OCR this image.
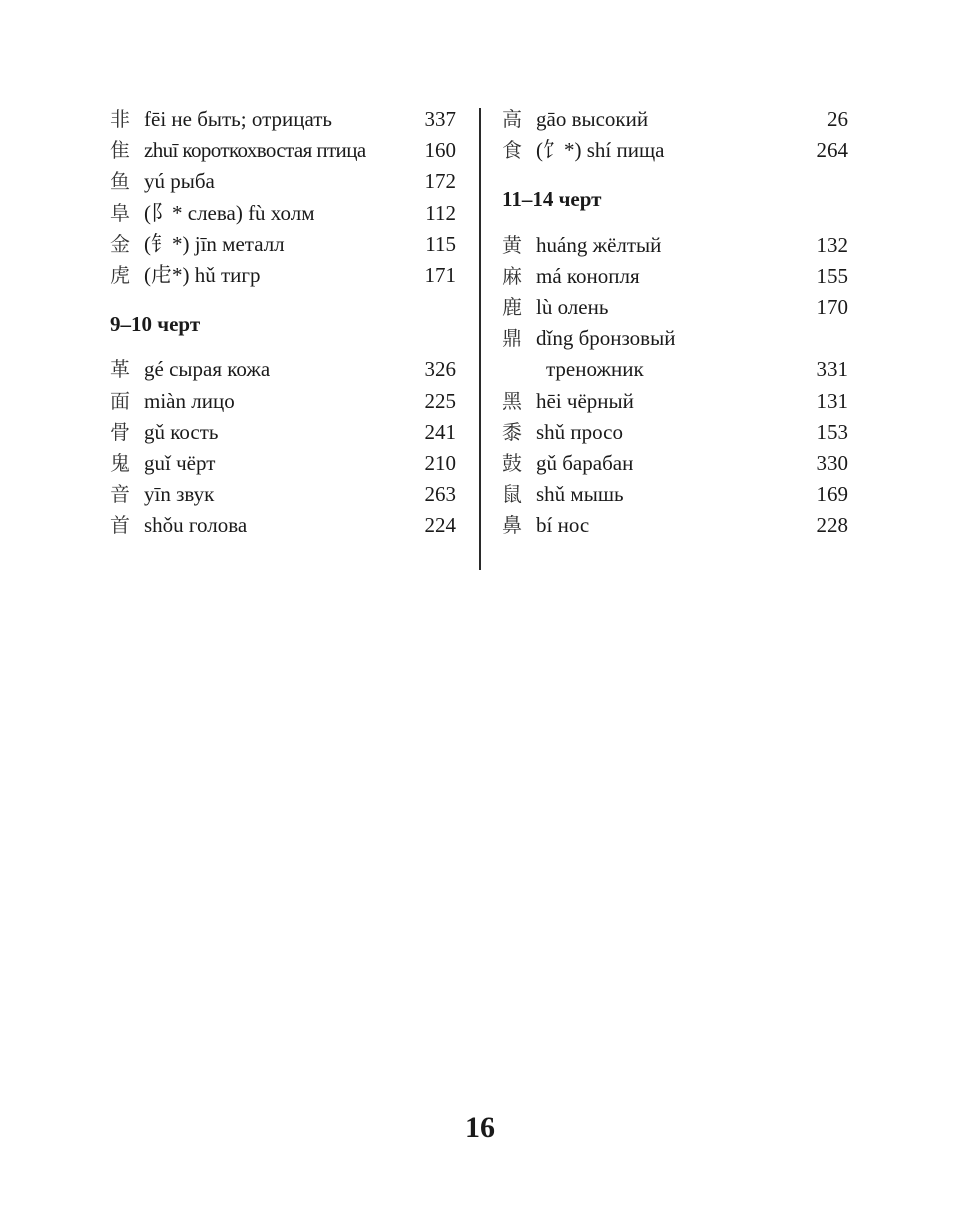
非 fēi не быть; отрицать	337
隹 zhuī короткохвостая птица	160
鱼 yú рыба	172
阜 (阝* слева) fù холм	112
金 (钅*) jīn металл	115
虎 (虍*) hǔ тигр	171
9–10 черт
革 gé сырая кожа	326
面 miàn лицо	225
骨 gǔ кость	241
鬼 guǐ чёрт	210
音 yīn звук	263
首 shǒu голова	224
高 gāo высокий	26
食 (饣*) shí пища	264
11–14 черт
黄 huáng жёлтый	132
麻 má конопля	155
鹿 lù олень	170
鼎 dǐng бронзовый
треножник	331
黑 hēi чёрный	131
黍 shǔ просо	153
鼓 gǔ барабан	330
鼠 shǔ мышь	169
鼻 bí нос	228
16
